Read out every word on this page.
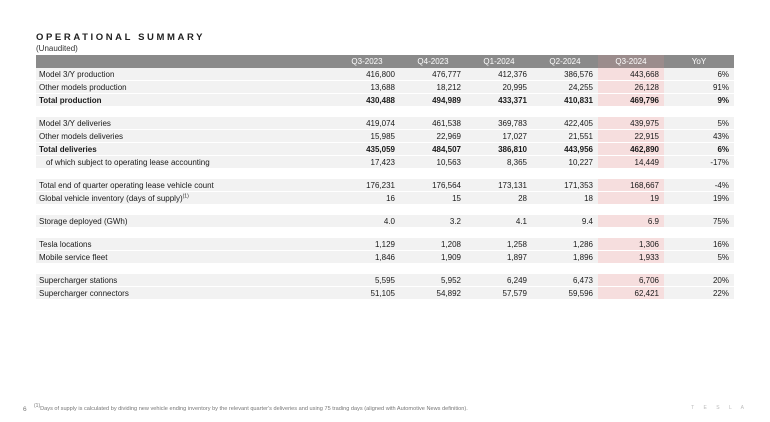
OPERATIONAL SUMMARY
(Unaudited)
	Q3-2023	Q4-2023	Q1-2024	Q2-2024	Q3-2024	YoY
Model 3/Y production	416,800	476,777	412,376	386,576	443,668	6%
Other models production	13,688	18,212	20,995	24,255	26,128	91%
Total production	430,488	494,989	433,371	410,831	469,796	9%

Model 3/Y deliveries	419,074	461,538	369,783	422,405	439,975	5%
Other models deliveries	15,985	22,969	17,027	21,551	22,915	43%
Total deliveries	435,059	484,507	386,810	443,956	462,890	6%
of which subject to operating lease accounting	17,423	10,563	8,365	10,227	14,449	-17%

Total end of quarter operating lease vehicle count	176,231	176,564	173,131	171,353	168,667	-4%
Global vehicle inventory (days of supply)$^{(1)}$	16	15	28	18	19	19%

Storage deployed (GWh)	4.0	3.2	4.1	9.4	6.9	75%

Tesla locations	1,129	1,208	1,258	1,286	1,306	16%
Mobile service fleet	1,846	1,909	1,897	1,896	1,933	5%

Supercharger stations	5,595	5,952	6,249	6,473	6,706	20%
Supercharger connectors	51,105	54,892	57,579	59,596	62,421	22%
6 $^{(1)}$Days of supply is calculated by dividing new vehicle ending inventory by the relevant quarter's deliveries and using 75 trading days (aligned with Automotive News definition).	T E S L A
